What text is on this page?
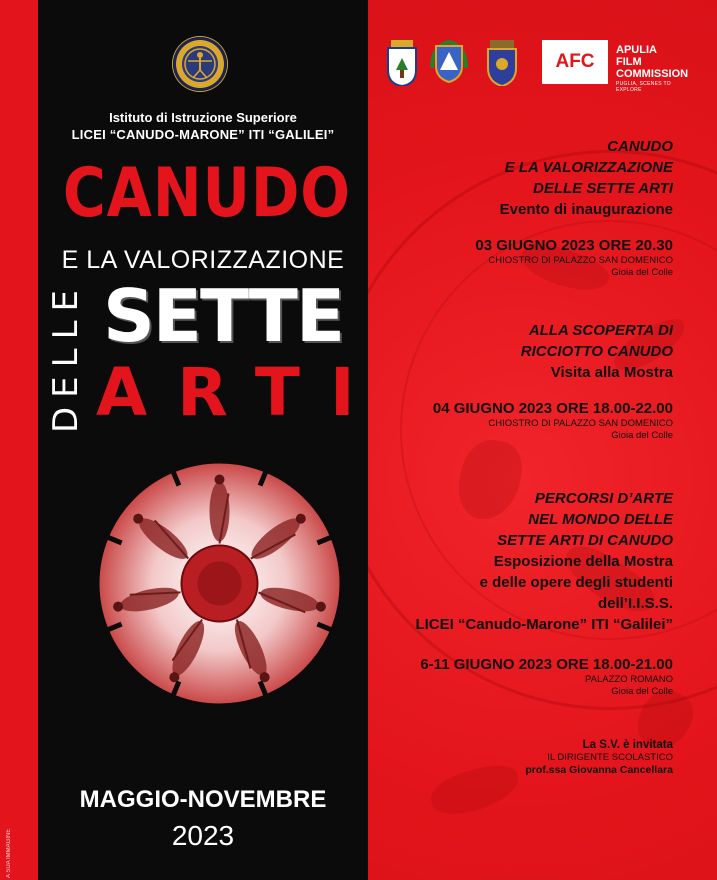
A SUA IMMAGINE
Istituto di Istruzione Superiore
LICEI “CANUDO-MARONE” ITI “GALILEI”
CANUDO
E LA VALORIZZAZIONE
DELLE SETTE
ARTI
MAGGIO-NOVEMBRE
2023
AFC
APULIA
FILM
COMMISSION
PUGLIA, SCENES TO EXPLORE
CANUDO
E LA VALORIZZAZIONE
DELLE SETTE ARTI
Evento di inaugurazione
03 GIUGNO 2023 ORE 20.30
CHIOSTRO DI PALAZZO SAN DOMENICO
Gioia del Colle
ALLA SCOPERTA DI
RICCIOTTO CANUDO
Visita alla Mostra
04 GIUGNO 2023 ORE 18.00-22.00
CHIOSTRO DI PALAZZO SAN DOMENICO
Gioia del Colle
PERCORSI D’ARTE
NEL MONDO DELLE
SETTE ARTI DI CANUDO
Esposizione della Mostra
e delle opere degli studenti
dell’I.I.S.S.
LICEI “Canudo-Marone” ITI “Galilei”
6-11 GIUGNO 2023 ORE 18.00-21.00
PALAZZO ROMANO
Gioia del Colle
La S.V. è invitata
IL DIRIGENTE SCOLASTICO
prof.ssa Giovanna Cancellara
